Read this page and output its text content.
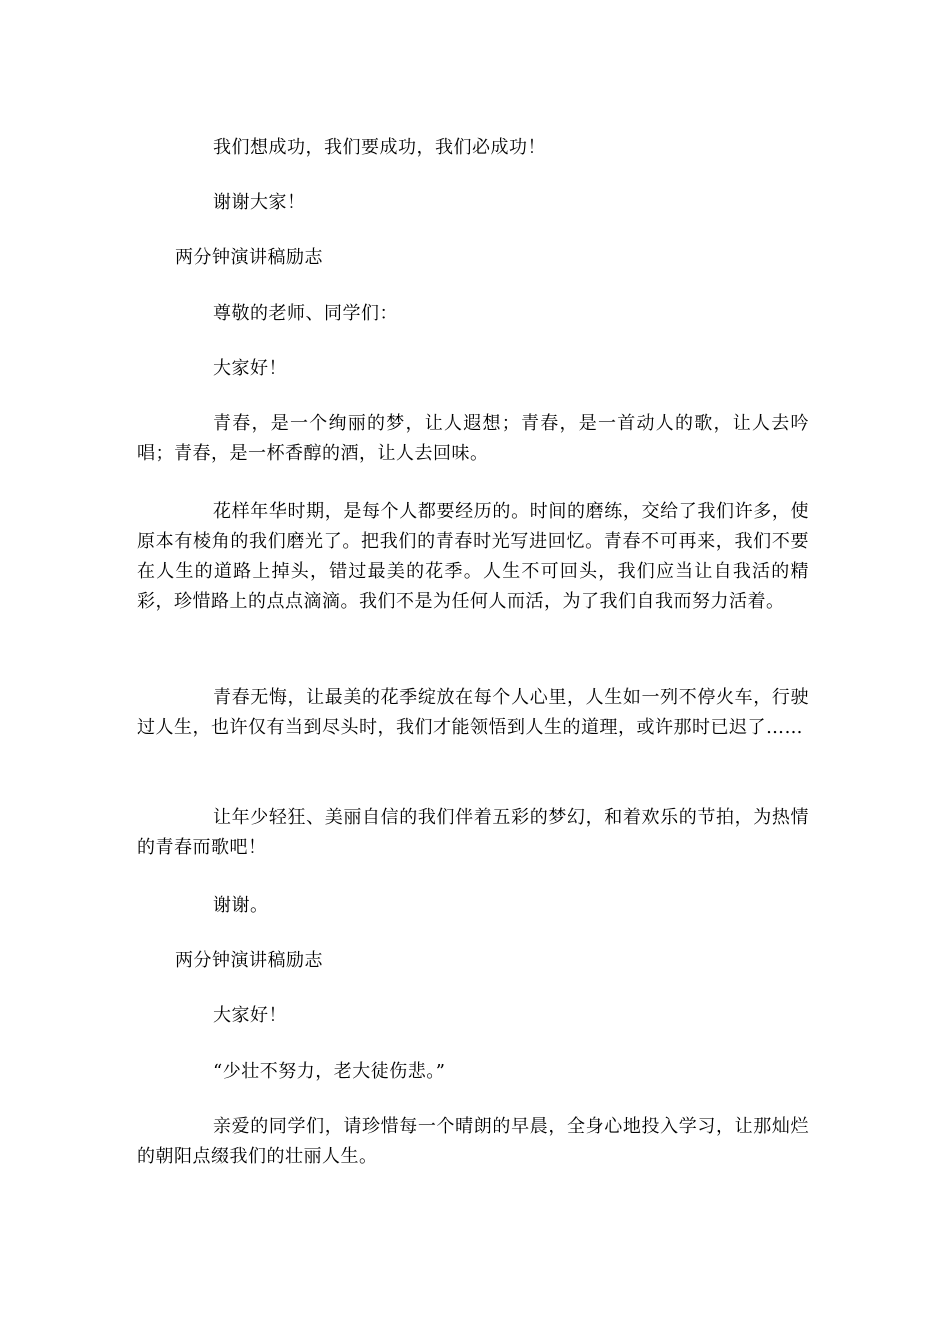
我们想成功，我们要成功，我们必成功！

谢谢大家！

两分钟演讲稿励志

尊敬的老师、同学们：

大家好！

青春，是一个绚丽的梦，让人遐想；青春，是一首动人的歌，让人去吟唱；青春，是一杯香醇的酒，让人去回味。

花样年华时期，是每个人都要经历的。时间的磨练，交给了我们许多，使原本有棱角的我们磨光了。把我们的青春时光写进回忆。青春不可再来，我们不要在人生的道路上掉头，错过最美的花季。人生不可回头，我们应当让自我活的精彩，珍惜路上的点点滴滴。我们不是为任何人而活，为了我们自我而努力活着。

青春无悔，让最美的花季绽放在每个人心里，人生如一列不停火车，行驶过人生，也许仅有当到尽头时，我们才能领悟到人生的道理，或许那时已迟了……

让年少轻狂、美丽自信的我们伴着五彩的梦幻，和着欢乐的节拍，为热情的青春而歌吧！

谢谢。

两分钟演讲稿励志

大家好！

“少壮不努力，老大徒伤悲。”

亲爱的同学们，请珍惜每一个晴朗的早晨，全身心地投入学习，让那灿烂的朝阳点缀我们的壮丽人生。
